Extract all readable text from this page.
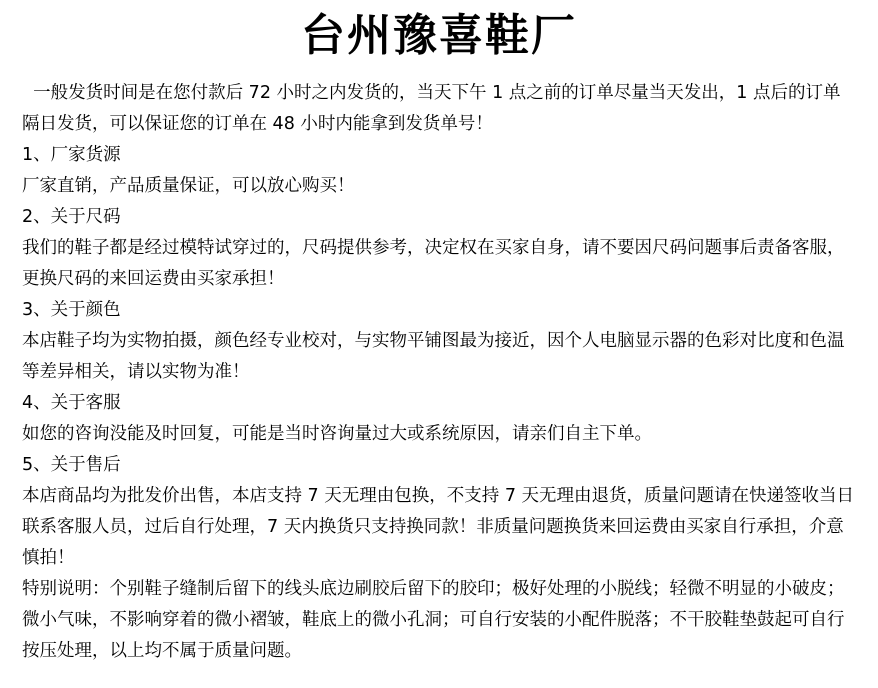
台州豫喜鞋厂

一般发货时间是在您付款后 72 小时之内发货的，当天下午 1 点之前的订单尽量当天发出，1 点后的订单隔日发货，可以保证您的订单在 48 小时内能拿到发货单号！

1、厂家货源

厂家直销，产品质量保证，可以放心购买！

2、关于尺码

我们的鞋子都是经过模特试穿过的，尺码提供参考，决定权在买家自身，请不要因尺码问题事后责备客服，更换尺码的来回运费由买家承担！

3、关于颜色

本店鞋子均为实物拍摄，颜色经专业校对，与实物平铺图最为接近，因个人电脑显示器的色彩对比度和色温等差异相关，请以实物为准！

4、关于客服

如您的咨询没能及时回复，可能是当时咨询量过大或系统原因，请亲们自主下单。

5、关于售后

本店商品均为批发价出售，本店支持 7 天无理由包换，不支持 7 天无理由退货，质量问题请在快递签收当日联系客服人员，过后自行处理，7 天内换货只支持换同款！非质量问题换货来回运费由买家自行承担，介意慎拍！

特别说明：个别鞋子缝制后留下的线头底边刷胶后留下的胶印；极好处理的小脱线；轻微不明显的小破皮；微小气味，不影响穿着的微小褶皱，鞋底上的微小孔洞；可自行安装的小配件脱落；不干胶鞋垫鼓起可自行按压处理，以上均不属于质量问题。
